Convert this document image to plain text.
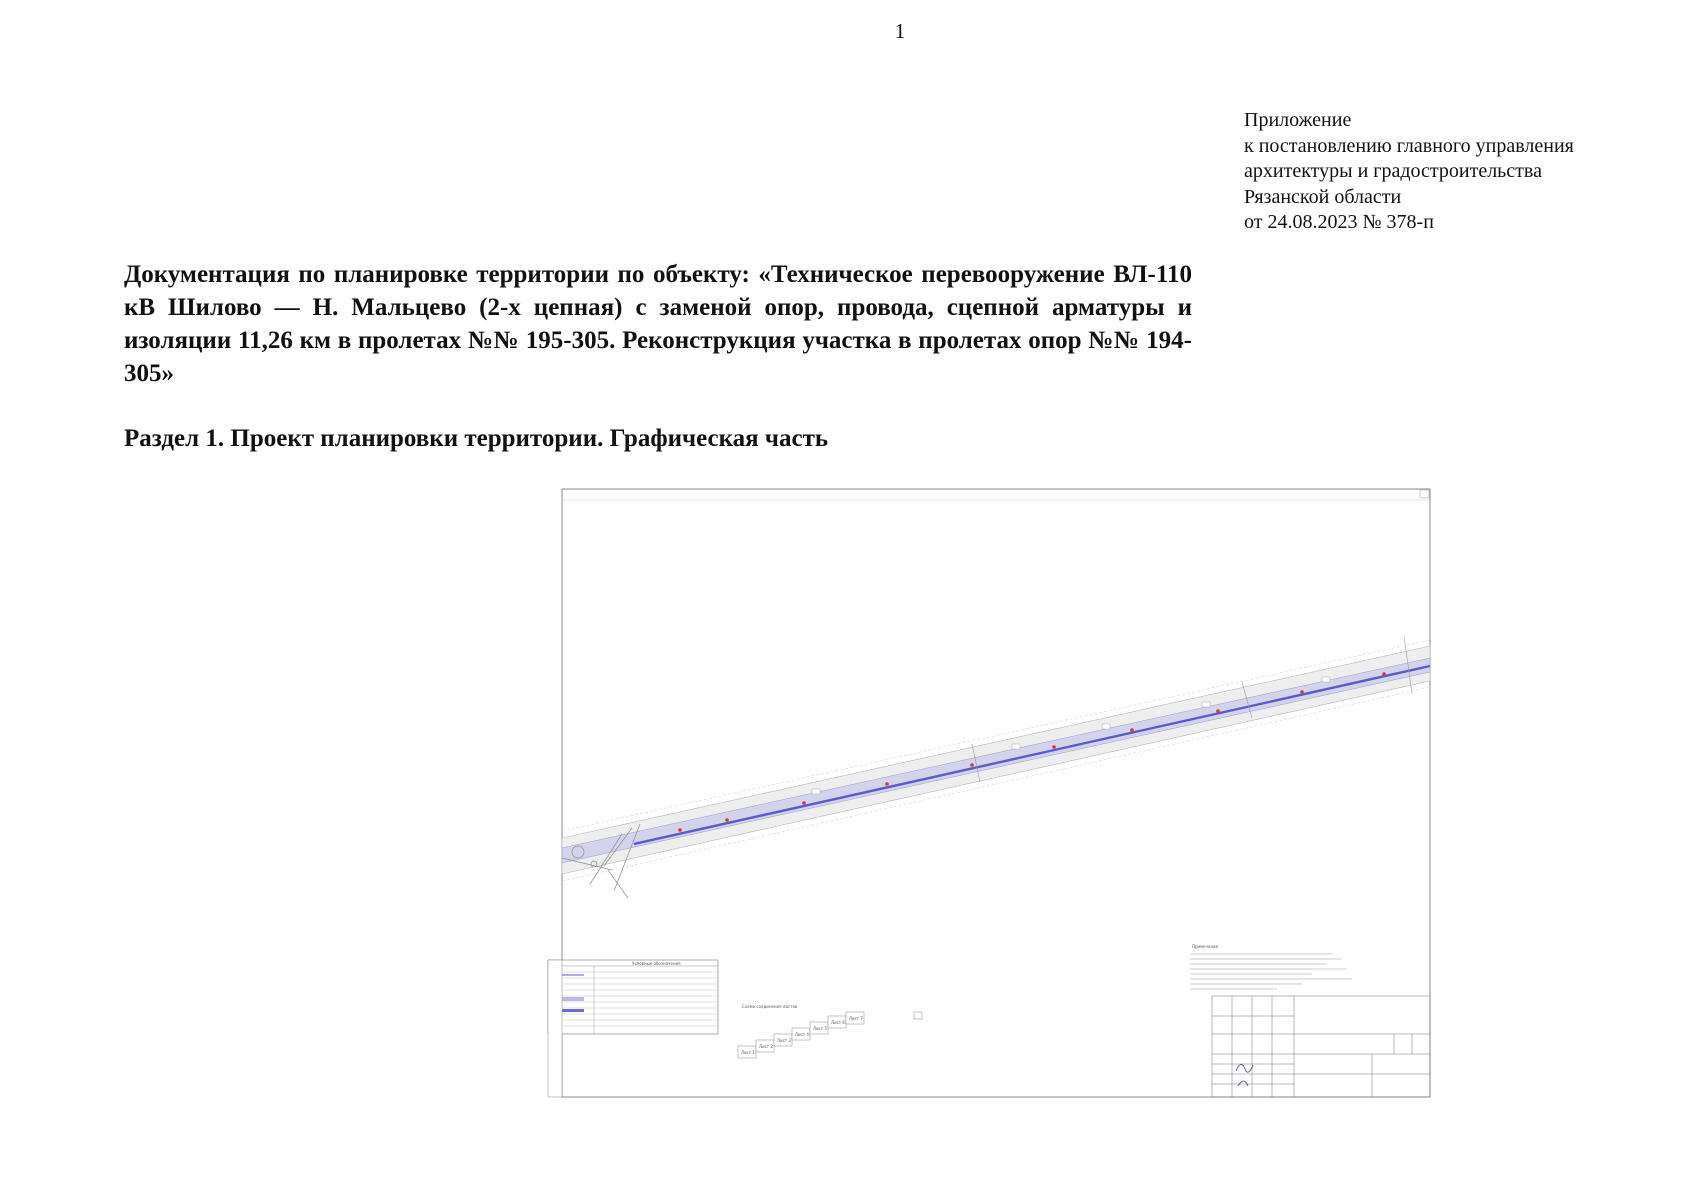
1
Приложение
к постановлению главного управления
архитектуры и градостроительства
Рязанской области
от 24.08.2023 № 378-п

Документация по планировке территории по объекту: «Техническое перевооружение ВЛ-110 кВ Шилово — Н. Мальцево (2-х цепная) с заменой опор, провода, сцепной арматуры и изоляции 11,26 км в пролетах №№ 195-305. Реконструкция участка в пролетах опор №№ 194-305»

Раздел 1. Проект планировки территории. Графическая часть

Условные обозначения
Схема соединения листов
Лист 1
Лист 2
Лист 3
Лист 4
Лист 5
Лист 6
Лист 7
Примечания
